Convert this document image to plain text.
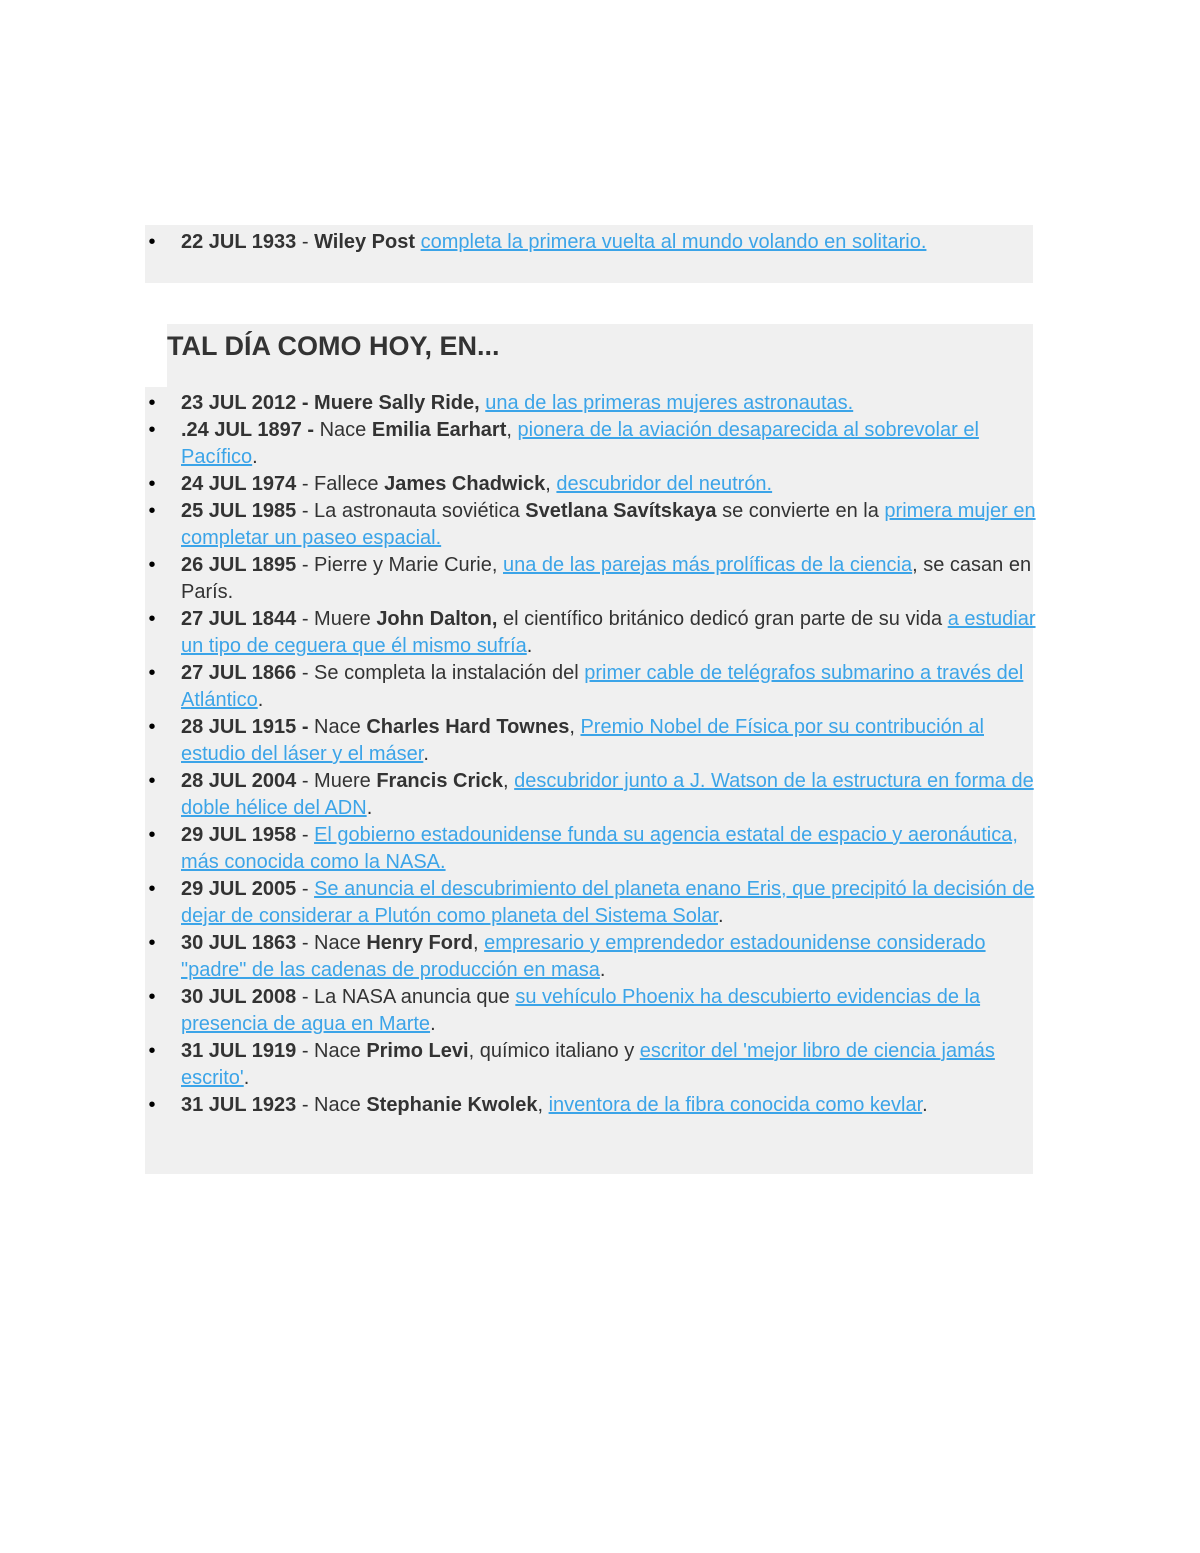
• 22 JUL 1933 - Wiley Post completa la primera vuelta al mundo volando en solitario.
TAL DÍA COMO HOY, EN...
• 23 JUL 2012 - Muere Sally Ride, una de las primeras mujeres astronautas.
• .24 JUL 1897 - Nace Emilia Earhart, pionera de la aviación desaparecida al sobrevolar el Pacífico.
• 24 JUL 1974 - Fallece James Chadwick, descubridor del neutrón.
• 25 JUL 1985 - La astronauta soviética Svetlana Savítskaya se convierte en la primera mujer en completar un paseo espacial.
• 26 JUL 1895 - Pierre y Marie Curie, una de las parejas más prolíficas de la ciencia, se casan en París.
• 27 JUL 1844 - Muere John Dalton, el científico británico dedicó gran parte de su vida a estudiar un tipo de ceguera que él mismo sufría.
• 27 JUL 1866 - Se completa la instalación del primer cable de telégrafos submarino a través del Atlántico.
• 28 JUL 1915 - Nace Charles Hard Townes, Premio Nobel de Física por su contribución al estudio del láser y el máser.
• 28 JUL 2004 - Muere Francis Crick, descubridor junto a J. Watson de la estructura en forma de doble hélice del ADN.
• 29 JUL 1958 - El gobierno estadounidense funda su agencia estatal de espacio y aeronáutica, más conocida como la NASA.
• 29 JUL 2005 - Se anuncia el descubrimiento del planeta enano Eris, que precipitó la decisión de dejar de considerar a Plutón como planeta del Sistema Solar.
• 30 JUL 1863 - Nace Henry Ford, empresario y emprendedor estadounidense considerado "padre" de las cadenas de producción en masa.
• 30 JUL 2008 - La NASA anuncia que su vehículo Phoenix ha descubierto evidencias de la presencia de agua en Marte.
• 31 JUL 1919 - Nace Primo Levi, químico italiano y escritor del 'mejor libro de ciencia jamás escrito'.
• 31 JUL 1923 - Nace Stephanie Kwolek, inventora de la fibra conocida como kevlar.
